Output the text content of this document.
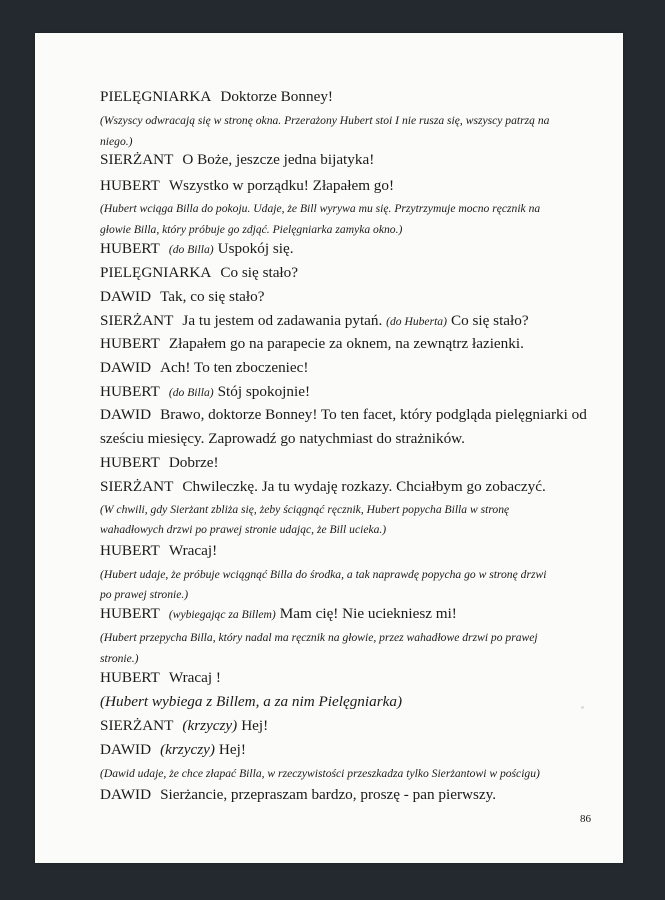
PIELĘGNIARKA Doktorze Bonney!
(Wszyscy odwracają się w stronę okna. Przerażony Hubert stoi I nie rusza się, wszyscy patrzą na
niego.)
SIERŻANT O Boże, jeszcze jedna bijatyka!
HUBERT Wszystko w porządku! Złapałem go!
(Hubert wciąga Billa do pokoju. Udaje, że Bill wyrywa mu się. Przytrzymuje mocno ręcznik na
głowie Billa, który próbuje go zdjąć. Pielęgniarka zamyka okno.)
HUBERT (do Billa) Uspokój się.
PIELĘGNIARKA Co się stało?
DAWID Tak, co się stało?
SIERŻANT Ja tu jestem od zadawania pytań. (do Huberta) Co się stało?
HUBERT Złapałem go na parapecie za oknem, na zewnątrz łazienki.
DAWID Ach! To ten zboczeniec!
HUBERT (do Billa) Stój spokojnie!
DAWID Brawo, doktorze Bonney! To ten facet, który podgląda pielęgniarki od
sześciu miesięcy. Zaprowadź go natychmiast do strażników.
HUBERT Dobrze!
SIERŻANT Chwileczkę. Ja tu wydaję rozkazy. Chciałbym go zobaczyć.
(W chwili, gdy Sierżant zbliża się, żeby ściągnąć ręcznik, Hubert popycha Billa w stronę
wahadłowych drzwi po prawej stronie udając, że Bill ucieka.)
HUBERT Wracaj!
(Hubert udaje, że próbuje wciągnąć Billa do środka, a tak naprawdę popycha go w stronę drzwi
po prawej stronie.)
HUBERT (wybiegając za Billem) Mam cię! Nie uciekniesz mi!
(Hubert przepycha Billa, który nadal ma ręcznik na głowie, przez wahadłowe drzwi po prawej
stronie.)
HUBERT Wracaj !
(Hubert wybiega z Billem, a za nim Pielęgniarka)
SIERŻANT (krzyczy) Hej!
DAWID (krzyczy) Hej!
(Dawid udaje, że chce złapać Billa, w rzeczywistości przeszkadza tylko Sierżantowi w pościgu)
DAWID Sierżancie, przepraszam bardzo, proszę - pan pierwszy.
86
